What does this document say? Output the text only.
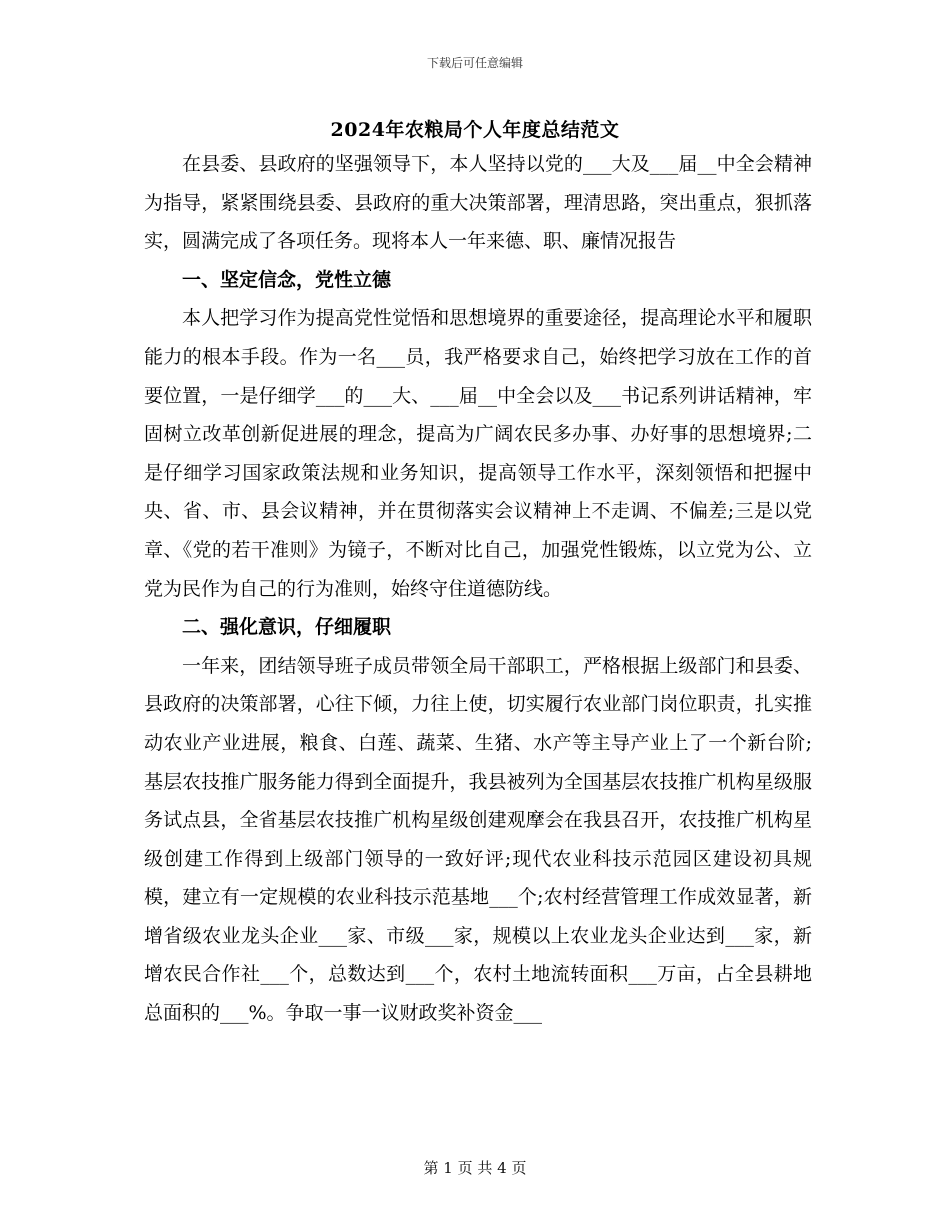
下载后可任意编辑
2024年农粮局个人年度总结范文

在县委、县政府的坚强领导下，本人坚持以党的___大及___届__中全会精神为指导，紧紧围绕县委、县政府的重大决策部署，理清思路，突出重点，狠抓落实，圆满完成了各项任务。现将本人一年来德、职、廉情况报告

一、坚定信念，党性立德

本人把学习作为提高党性觉悟和思想境界的重要途径，提高理论水平和履职能力的根本手段。作为一名___员，我严格要求自己，始终把学习放在工作的首要位置，一是仔细学___的___大、___届__中全会以及___书记系列讲话精神，牢固树立改革创新促进展的理念，提高为广阔农民多办事、办好事的思想境界;二是仔细学习国家政策法规和业务知识，提高领导工作水平，深刻领悟和把握中央、省、市、县会议精神，并在贯彻落实会议精神上不走调、不偏差;三是以党章、《党的若干准则》为镜子，不断对比自己，加强党性锻炼，以立党为公、立党为民作为自己的行为准则，始终守住道德防线。

二、强化意识，仔细履职

一年来，团结领导班子成员带领全局干部职工，严格根据上级部门和县委、县政府的决策部署，心往下倾，力往上使，切实履行农业部门岗位职责，扎实推动农业产业进展，粮食、白莲、蔬菜、生猪、水产等主导产业上了一个新台阶;基层农技推广服务能力得到全面提升，我县被列为全国基层农技推广机构星级服务试点县，全省基层农技推广机构星级创建观摩会在我县召开，农技推广机构星级创建工作得到上级部门领导的一致好评;现代农业科技示范园区建设初具规模，建立有一定规模的农业科技示范基地___个;农村经营管理工作成效显著，新增省级农业龙头企业___家、市级___家，规模以上农业龙头企业达到___家，新增农民合作社___个，总数达到___个，农村土地流转面积___万亩，占全县耕地总面积的___%。争取一事一议财政奖补资金___

第 1 页 共 4 页
